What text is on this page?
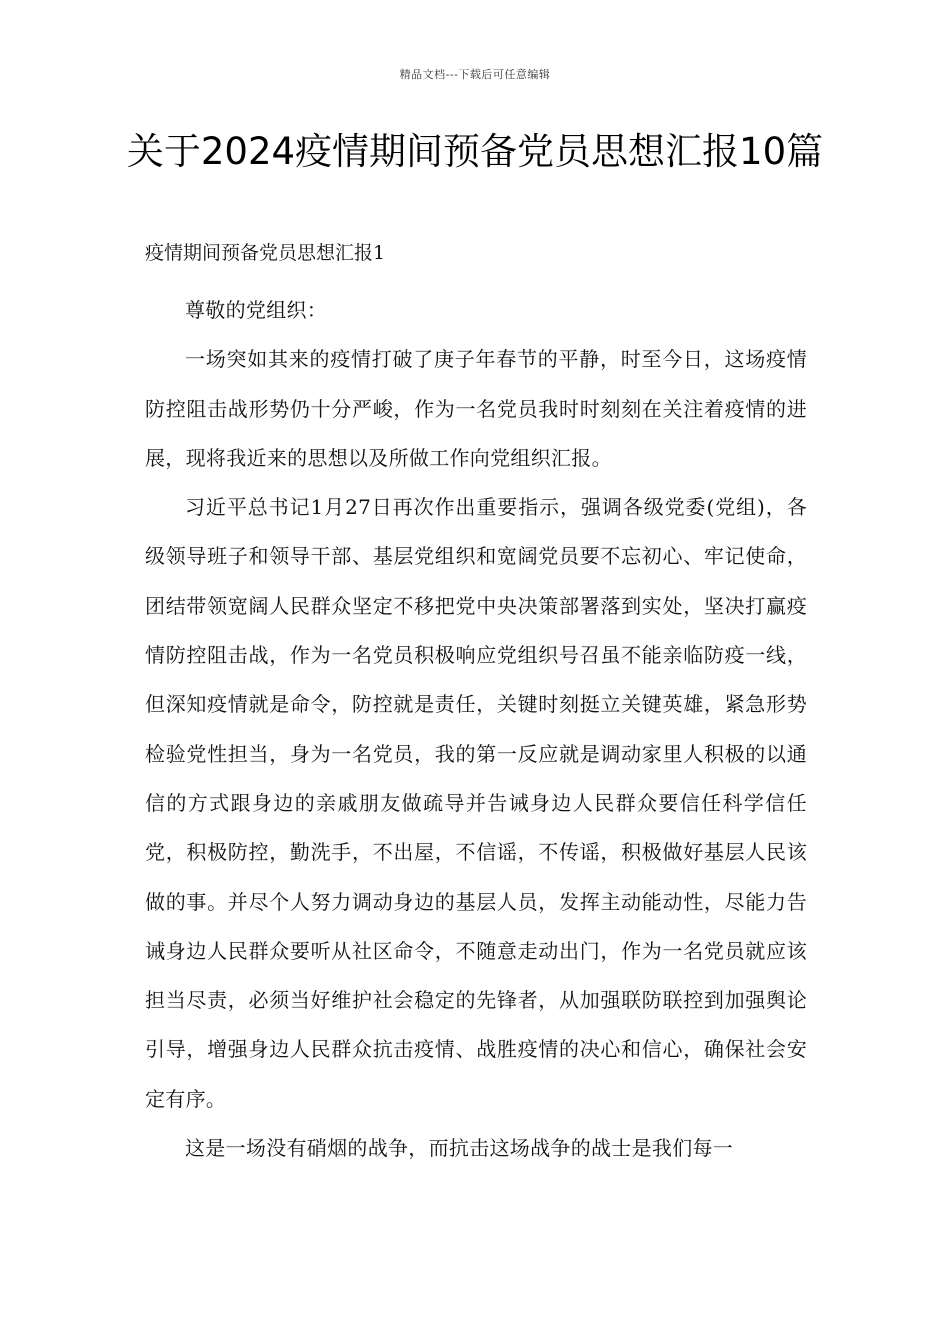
精品文档---下载后可任意编辑
关于2024疫情期间预备党员思想汇报10篇
疫情期间预备党员思想汇报1

尊敬的党组织：

一场突如其来的疫情打破了庚子年春节的平静，时至今日，这场疫情防控阻击战形势仍十分严峻，作为一名党员我时时刻刻在关注着疫情的进展，现将我近来的思想以及所做工作向党组织汇报。

习近平总书记1月27日再次作出重要指示，强调各级党委(党组)，各级领导班子和领导干部、基层党组织和宽阔党员要不忘初心、牢记使命，团结带领宽阔人民群众坚定不移把党中央决策部署落到实处，坚决打赢疫情防控阻击战，作为一名党员积极响应党组织号召虽不能亲临防疫一线，但深知疫情就是命令，防控就是责任，关键时刻挺立关键英雄，紧急形势检验党性担当，身为一名党员，我的第一反应就是调动家里人积极的以通信的方式跟身边的亲戚朋友做疏导并告诫身边人民群众要信任科学信任党，积极防控，勤洗手，不出屋，不信谣，不传谣，积极做好基层人民该做的事。并尽个人努力调动身边的基层人员，发挥主动能动性，尽能力告诫身边人民群众要听从社区命令，不随意走动出门，作为一名党员就应该担当尽责，必须当好维护社会稳定的先锋者，从加强联防联控到加强舆论引导，增强身边人民群众抗击疫情、战胜疫情的决心和信心，确保社会安定有序。

这是一场没有硝烟的战争，而抗击这场战争的战士是我们每一
